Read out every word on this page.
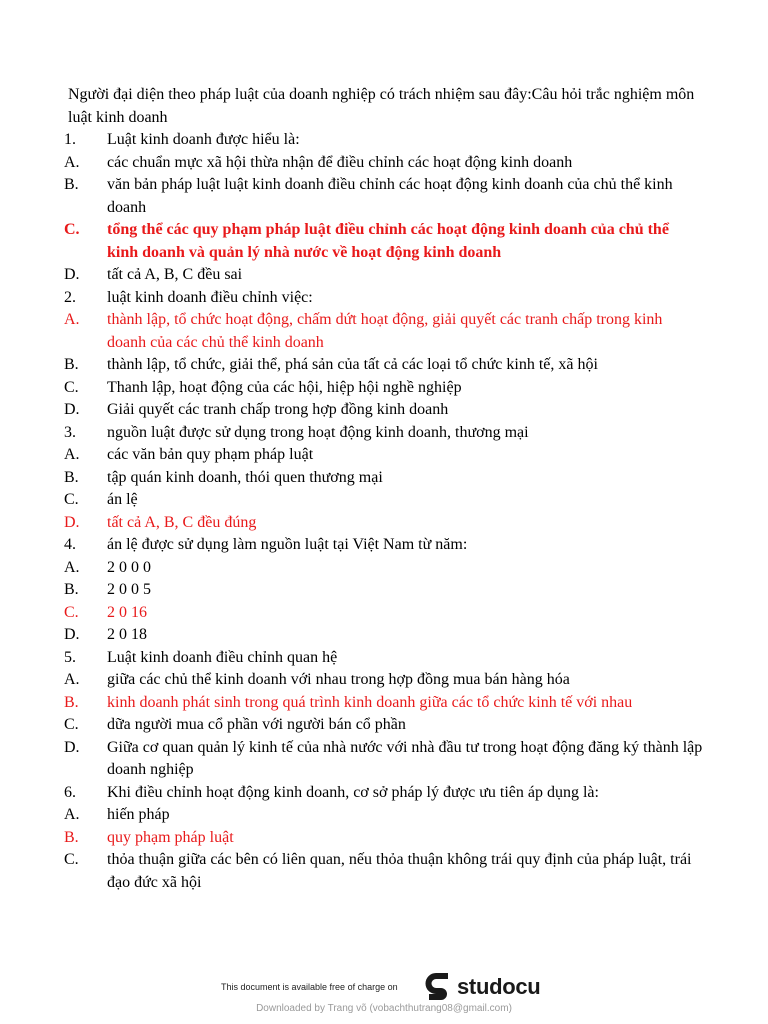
Người đại diện theo pháp luật của doanh nghiệp có trách nhiệm sau đây:Câu hỏi trắc nghiệm môn luật kinh doanh
1.	Luật kinh doanh được hiểu là:
A.	các chuẩn mực xã hội thừa nhận để điều chỉnh các hoạt động kinh doanh
B.	văn bản pháp luật luật kinh doanh điều chỉnh các hoạt động kinh doanh của chủ thể kinh doanh
C.	tổng thể các quy phạm pháp luật điều chỉnh các hoạt động kinh doanh của chủ thể kinh doanh và quản lý nhà nước về hoạt động kinh doanh
D.	tất cả A, B, C đều sai
2.	luật kinh doanh điều chỉnh việc:
A.	thành lập, tổ chức hoạt động, chấm dứt hoạt động, giải quyết các tranh chấp trong kinh doanh của các chủ thể kinh doanh
B.	thành lập, tổ chức, giải thể, phá sản của tất cả các loại tổ chức kinh tế, xã hội
C.	Thanh lập, hoạt động của các hội, hiệp hội nghề nghiệp
D.	Giải quyết các tranh chấp trong hợp đồng kinh doanh
3.	nguồn luật được sử dụng trong hoạt động kinh doanh, thương mại
A.	các văn bản quy phạm pháp luật
B.	tập quán kinh doanh, thói quen thương mại
C.	án lệ
D.	tất cả A, B, C đều đúng
4.	án lệ được sử dụng làm nguồn luật tại Việt Nam từ năm:
A.	2 0 0 0
B.	2 0 0 5
C.	2 0 16
D.	2 0 18
5.	Luật kinh doanh điều chỉnh quan hệ
A.	giữa các chủ thể kinh doanh với nhau trong hợp đồng mua bán hàng hóa
B.	kinh doanh phát sinh trong quá trình kinh doanh giữa các tổ chức kinh tế với nhau
C.	dữa người mua cổ phần với người bán cổ phần
D.	Giữa cơ quan quản lý kinh tế của nhà nước với nhà đầu tư trong hoạt động đăng ký thành lập doanh nghiệp
6.	Khi điều chỉnh hoạt động kinh doanh, cơ sở pháp lý được ưu tiên áp dụng là:
A.	hiến pháp
B.	quy phạm pháp luật
C.	thỏa thuận giữa các bên có liên quan, nếu thỏa thuận không trái quy định của pháp luật, trái đạo đức xã hội
This document is available free of charge on	studocu
Downloaded by Trang võ (vobachthutrang08@gmail.com)
